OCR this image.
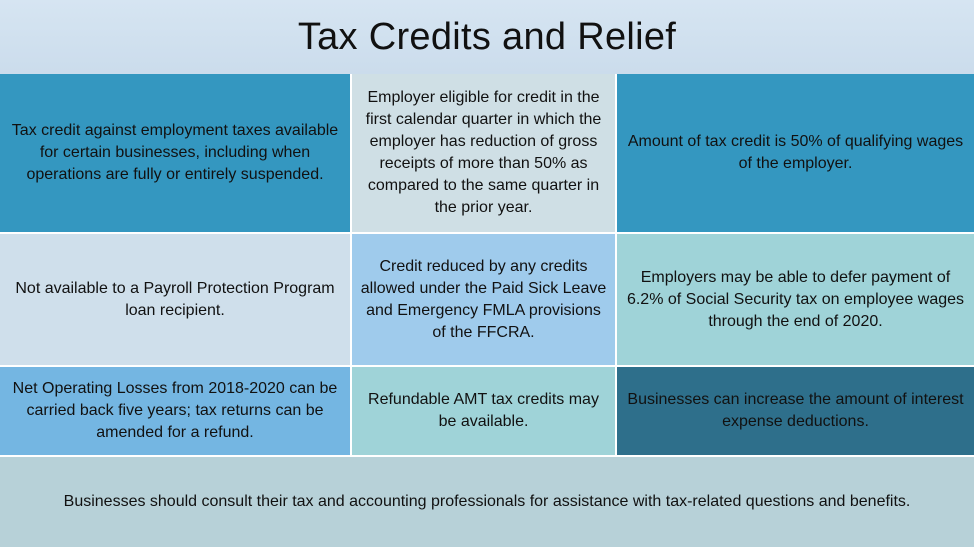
Tax Credits and Relief
Tax credit against employment taxes available for certain businesses, including when operations are fully or entirely suspended.
Employer eligible for credit in the first calendar quarter in which the employer has reduction of gross receipts of more than 50% as compared to the same quarter in the prior year.
Amount of tax credit is 50% of qualifying wages of the employer.
Not available to a Payroll Protection Program loan recipient.
Credit reduced by any credits allowed under the Paid Sick Leave and Emergency FMLA provisions of the FFCRA.
Employers may be able to defer payment of 6.2% of Social Security tax on employee wages through the end of 2020.
Net Operating Losses from 2018-2020 can be carried back five years; tax returns can be amended for a refund.
Refundable AMT tax credits may be available.
Businesses can increase the amount of interest expense deductions.
Businesses should consult their tax and accounting professionals for assistance with tax-related questions and benefits.
